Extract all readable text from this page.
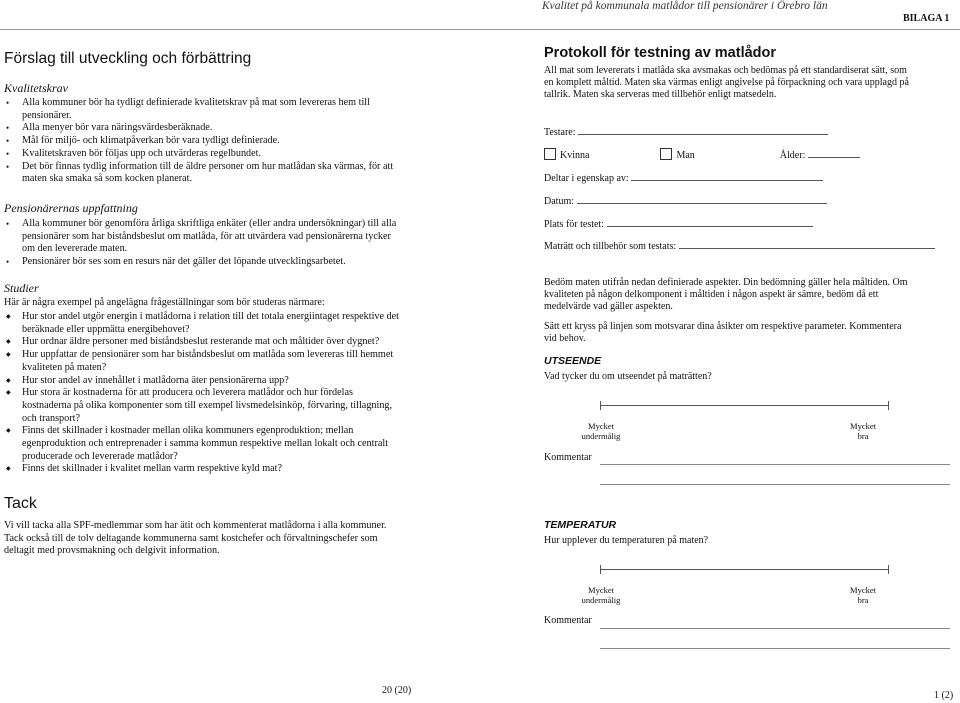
Kvalitet på kommunala matlådor till pensionärer i Örebro län
BILAGA 1
Förslag till utveckling och förbättring
Kvalitetskrav
• Alla kommuner bör ha tydligt definierade kvalitetskrav på mat som levereras hem till pensionärer.
• Alla menyer bör vara näringsvärdesberäknade.
• Mål för miljö- och klimatpåverkan bör vara tydligt definierade.
• Kvalitetskraven bör följas upp och utvärderas regelbundet.
• Det bör finnas tydlig information till de äldre personer om hur matlådan ska värmas, för att maten ska smaka så som kocken planerat.
Pensionärernas uppfattning
• Alla kommuner bör genomföra årliga skriftliga enkäter (eller andra undersökningar) till alla pensionärer som har biståndsbeslut om matlåda, för att utvärdera vad pensionärerna tycker om den levererade maten.
• Pensionärer bör ses som en resurs när det gäller det löpande utvecklingsarbetet.
Studier
Här är några exempel på angelägna frågeställningar som bör studeras närmare:
◆ Hur stor andel utgör energin i matlådorna i relation till det totala energiintaget respektive det beräknade eller uppmätta energibehovet?
◆ Hur ordnar äldre personer med biståndsbeslut resterande mat och måltider över dygnet?
◆ Hur uppfattar de pensionärer som har biståndsbeslut om matlåda som levereras till hemmet kvaliteten på maten?
◆ Hur stor andel av innehållet i matlådorna äter pensionärerna upp?
◆ Hur stora är kostnaderna för att producera och leverera matlådor och hur fördelas kostnaderna på olika komponenter som till exempel livsmedelsinköp, förvaring, tillagning, och transport?
◆ Finns det skillnader i kostnader mellan olika kommuners egenproduktion; mellan egenproduktion och entreprenader i samma kommun respektive mellan lokalt och centralt producerade och levererade matlådor?
◆ Finns det skillnader i kvalitet mellan varm respektive kyld mat?
Tack
Vi vill tacka alla SPF-medlemmar som har ätit och kommenterat matlådorna i alla kommuner.
Tack också till de tolv deltagande kommunerna samt kostchefer och förvaltningschefer som
deltagit med provsmakning och delgivit information.
20 (20)
Protokoll för testning av matlådor
All mat som levererats i matlåda ska avsmakas och bedömas på ett standardiserat sätt, som
en komplett måltid. Maten ska värmas enligt angivelse på förpackning och vara upplagd på
tallrik. Maten ska serveras med tillbehör enligt matsedeln.
Testare:
Kvinna	Man	Ålder:
Deltar i egenskap av:
Datum:
Plats för testet:
Maträtt och tillbehör som testats:
Bedöm maten utifrån nedan definierade aspekter. Din bedömning gäller hela måltiden. Om
kvaliteten på någon delkomponent i måltiden i någon aspekt är sämre, bedöm då ett
medelvärde vad gäller aspekten.
Sätt ett kryss på linjen som motsvarar dina åsikter om respektive parameter. Kommentera
vid behov.
UTSEENDE
Vad tycker du om utseendet på maträtten?
Mycket
undermålig
Mycket
bra
Kommentar
TEMPERATUR
Hur upplever du temperaturen på maten?
Mycket
undermålig
Mycket
bra
Kommentar
1 (2)
